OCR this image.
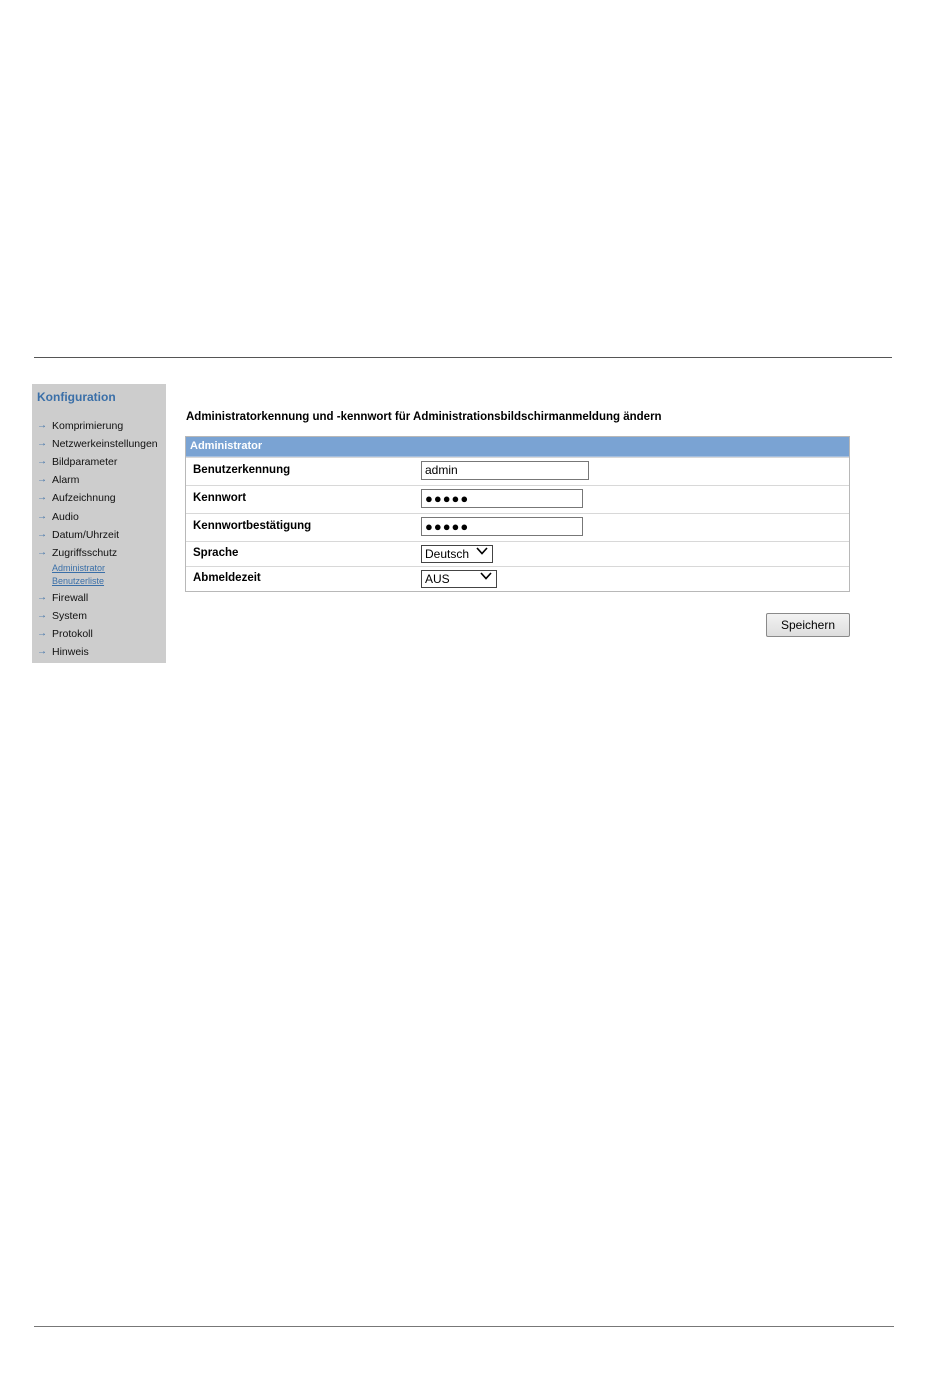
Konfiguration
→ Komprimierung
→ Netzwerkeinstellungen
→ Bildparameter
→ Alarm
→ Aufzeichnung
→ Audio
→ Datum/Uhrzeit
→ Zugriffsschutz
Administrator
Benutzerliste
→ Firewall
→ System
→ Protokoll
→ Hinweis
Administratorkennung und -kennwort für Administrationsbildschirmanmeldung ändern
Administrator
Benutzerkennung	admin
Kennwort	●●●●●
Kennwortbestätigung	●●●●●
Sprache	Deutsch
Abmeldezeit	AUS
Speichern
